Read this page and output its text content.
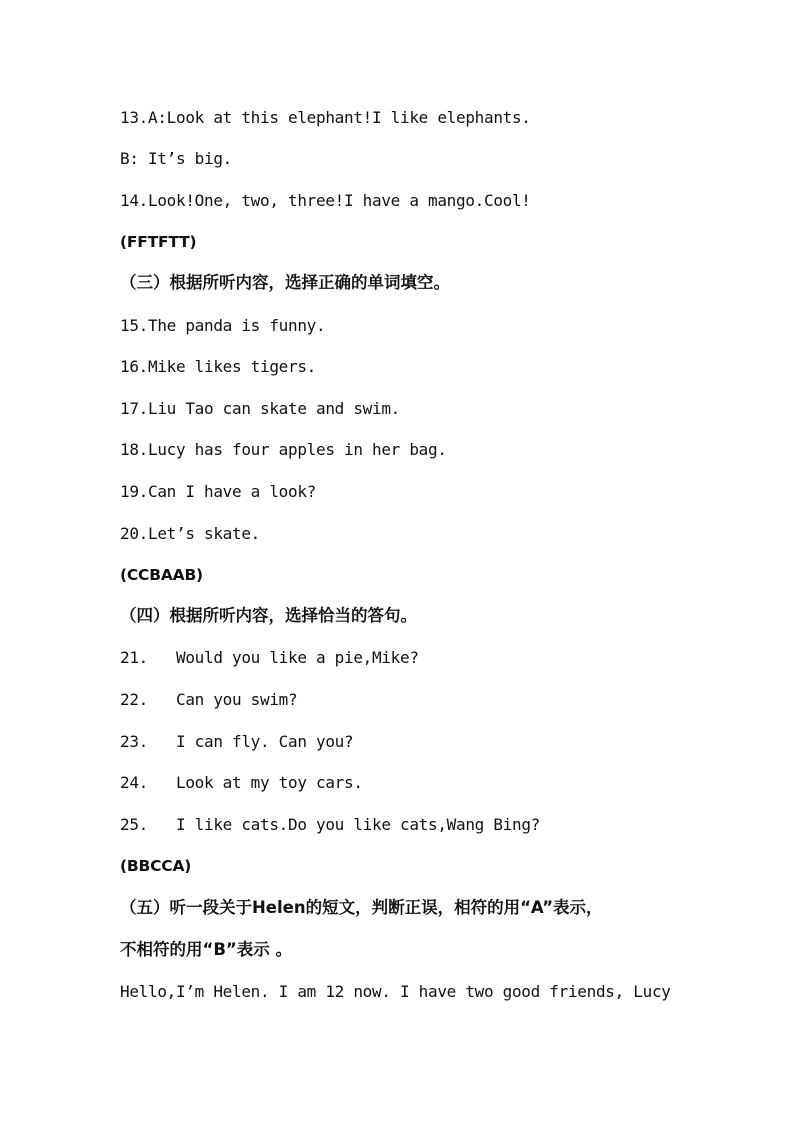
13.A:Look at this elephant!I like elephants.
B: It’s big.
14.Look!One, two, three!I have a mango.Cool!
(FFTFTT)
（三）根据所听内容，选择正确的单词填空。
15.The panda is funny.
16.Mike likes tigers.
17.Liu Tao can skate and swim.
18.Lucy has four apples in her bag.
19.Can I have a look?
20.Let’s skate.
(CCBAAB)
（四）根据所听内容，选择恰当的答句。
21. Would you like a pie,Mike?
22. Can you swim?
23. I can fly. Can you?
24. Look at my toy cars.
25. I like cats.Do you like cats,Wang Bing?
(BBCCA)
（五）听一段关于Helen的短文，判断正误，相符的用“A”表示，
不相符的用“B”表示 。
Hello,I’m Helen. I am 12 now. I have two good friends, Lucy
